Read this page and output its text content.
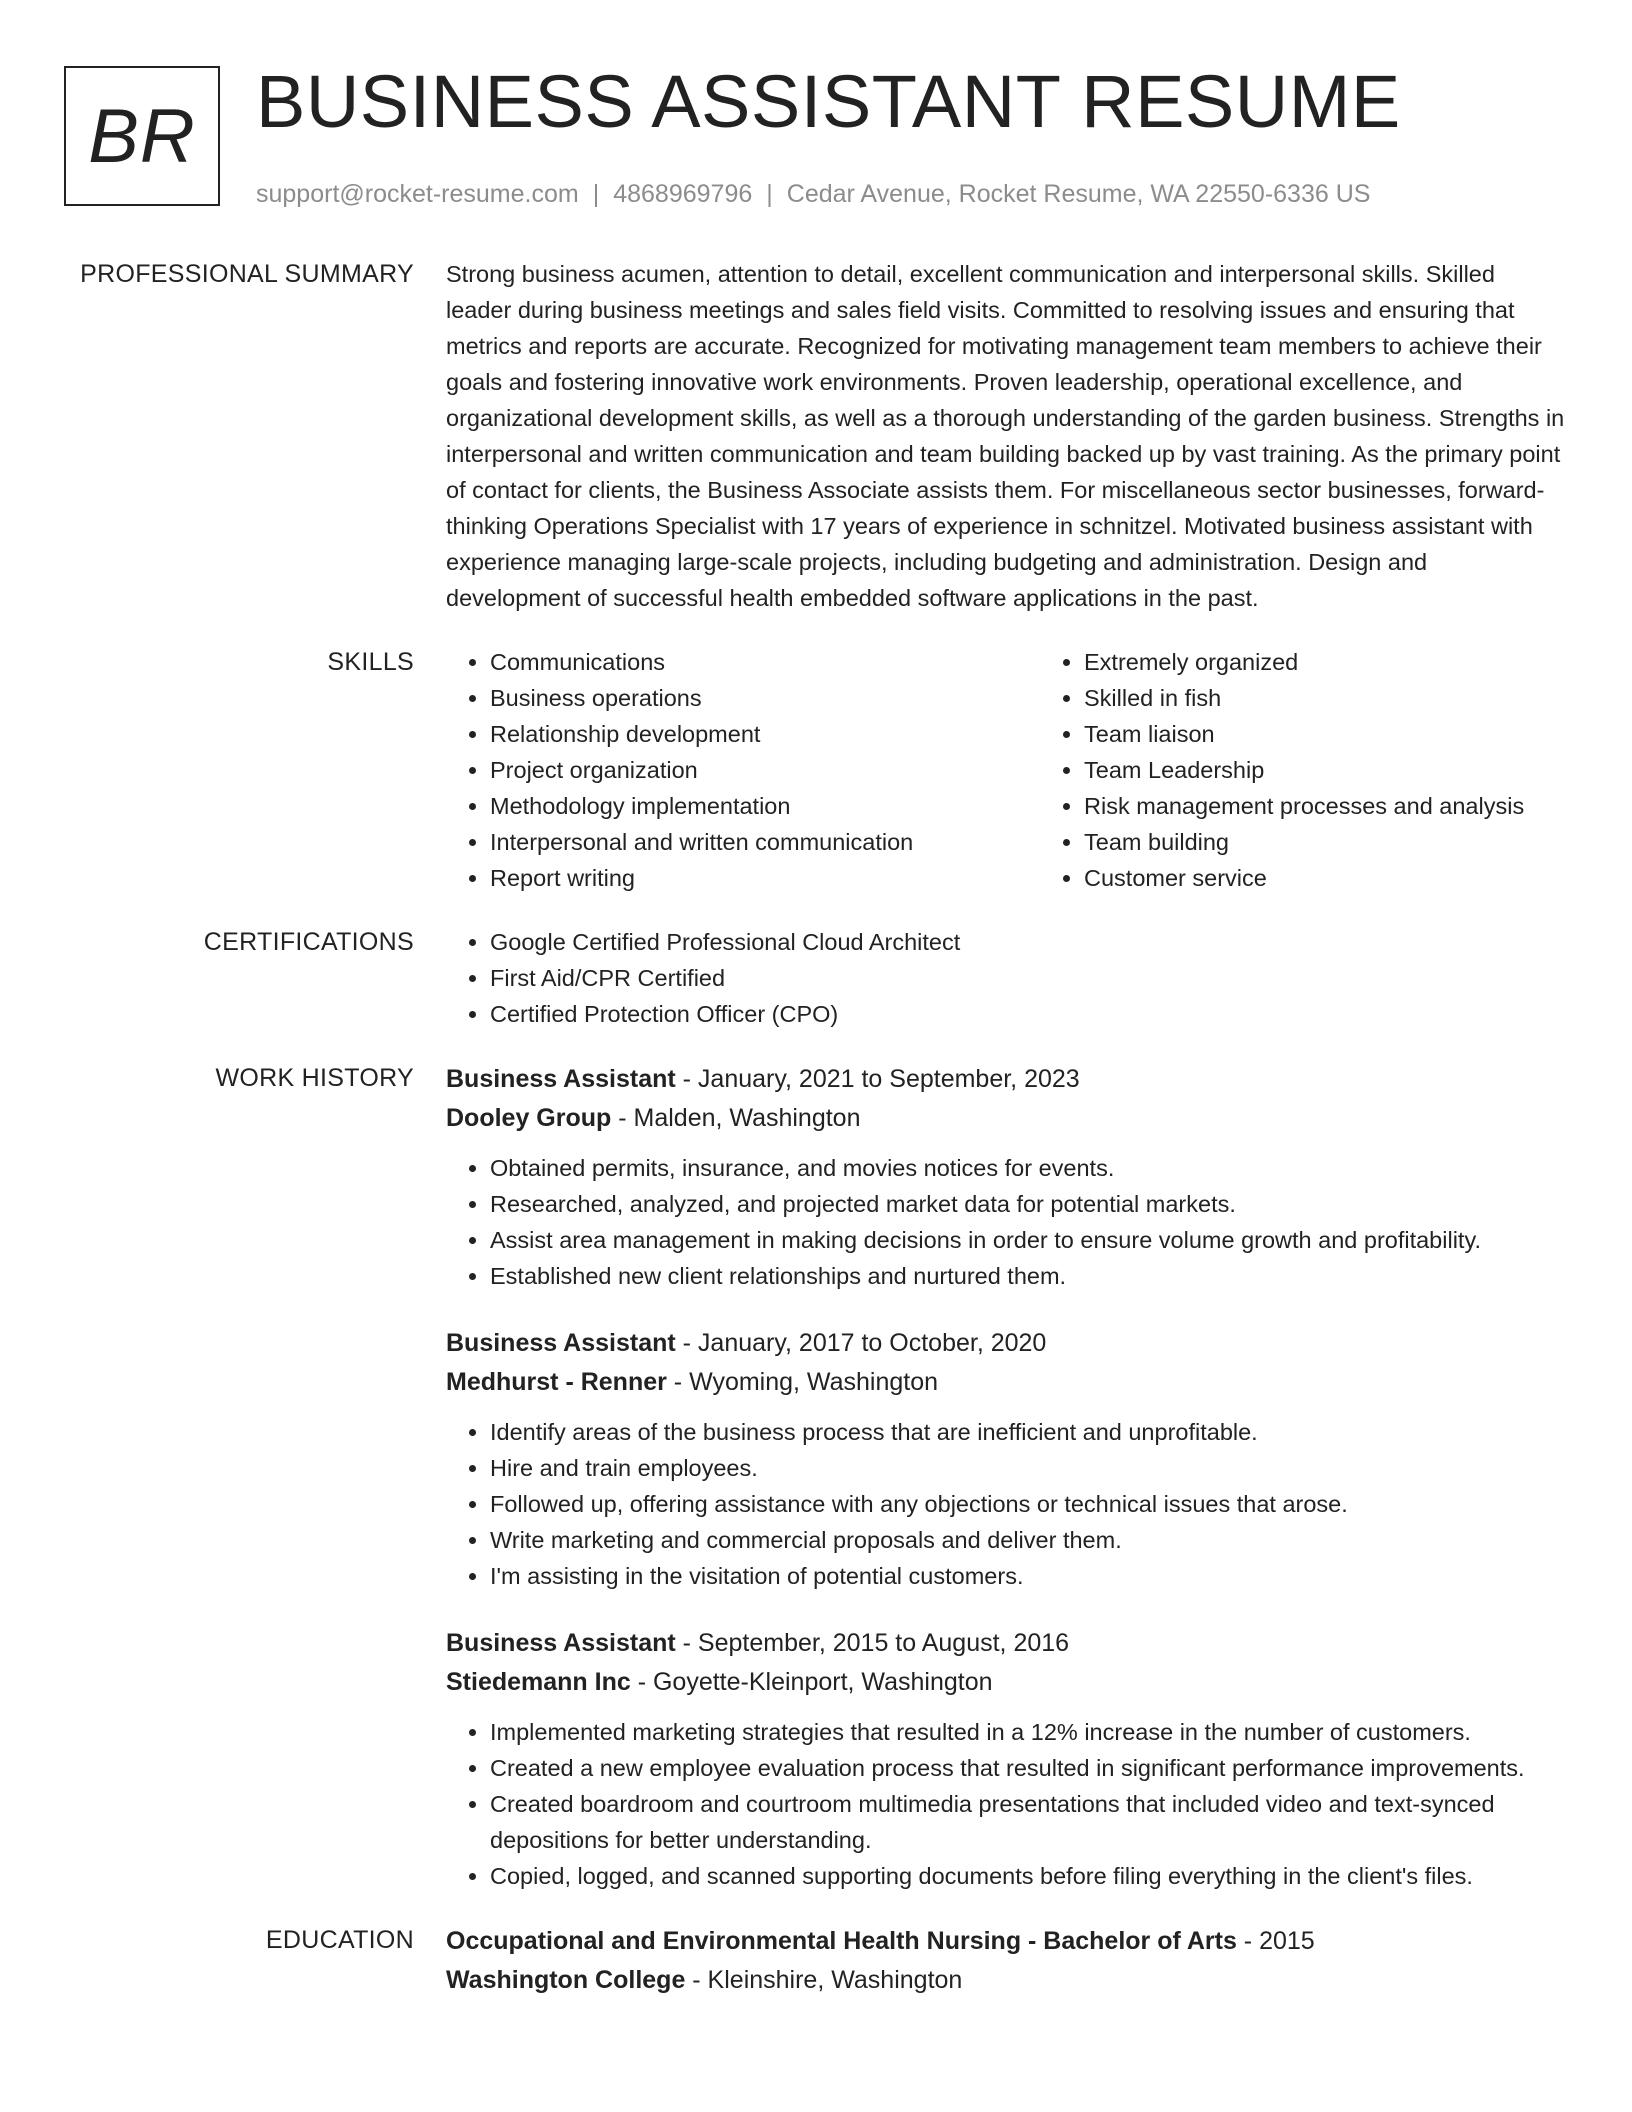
BR BUSINESS ASSISTANT RESUME
support@rocket-resume.com | 4868969796 | Cedar Avenue, Rocket Resume, WA 22550-6336 US
PROFESSIONAL SUMMARY Strong business acumen, attention to detail, excellent communication and interpersonal skills. Skilled leader during business meetings and sales field visits. Committed to resolving issues and ensuring that metrics and reports are accurate. Recognized for motivating management team members to achieve their goals and fostering innovative work environments. Proven leadership, operational excellence, and organizational development skills, as well as a thorough understanding of the garden business. Strengths in interpersonal and written communication and team building backed up by vast training. As the primary point of contact for clients, the Business Associate assists them. For miscellaneous sector businesses, forward-thinking Operations Specialist with 17 years of experience in schnitzel. Motivated business assistant with experience managing large-scale projects, including budgeting and administration. Design and development of successful health embedded software applications in the past.

SKILLS	• Communications
• Business operations
• Relationship development
• Project organization
• Methodology implementation
• Interpersonal and written communication
• Report writing
• Extremely organized
• Skilled in fish
• Team liaison
• Team Leadership
• Risk management processes and analysis
• Team building
• Customer service
CERTIFICATIONS	• Google Certified Professional Cloud Architect
• First Aid/CPR Certified
• Certified Protection Officer (CPO)
WORK HISTORY Business Assistant - January, 2021 to September, 2023
Dooley Group - Malden, Washington
• Obtained permits, insurance, and movies notices for events.
• Researched, analyzed, and projected market data for potential markets.
• Assist area management in making decisions in order to ensure volume growth and profitability.
• Established new client relationships and nurtured them.
Business Assistant - January, 2017 to October, 2020
Medhurst - Renner - Wyoming, Washington
• Identify areas of the business process that are inefficient and unprofitable.
• Hire and train employees.
• Followed up, offering assistance with any objections or technical issues that arose.
• Write marketing and commercial proposals and deliver them.
• I'm assisting in the visitation of potential customers.
Business Assistant - September, 2015 to August, 2016
Stiedemann Inc - Goyette-Kleinport, Washington
• Implemented marketing strategies that resulted in a 12% increase in the number of customers.
• Created a new employee evaluation process that resulted in significant performance improvements.
• Created boardroom and courtroom multimedia presentations that included video and text-synced depositions for better understanding.
• Copied, logged, and scanned supporting documents before filing everything in the client's files.
EDUCATION Occupational and Environmental Health Nursing - Bachelor of Arts - 2015
Washington College - Kleinshire, Washington
